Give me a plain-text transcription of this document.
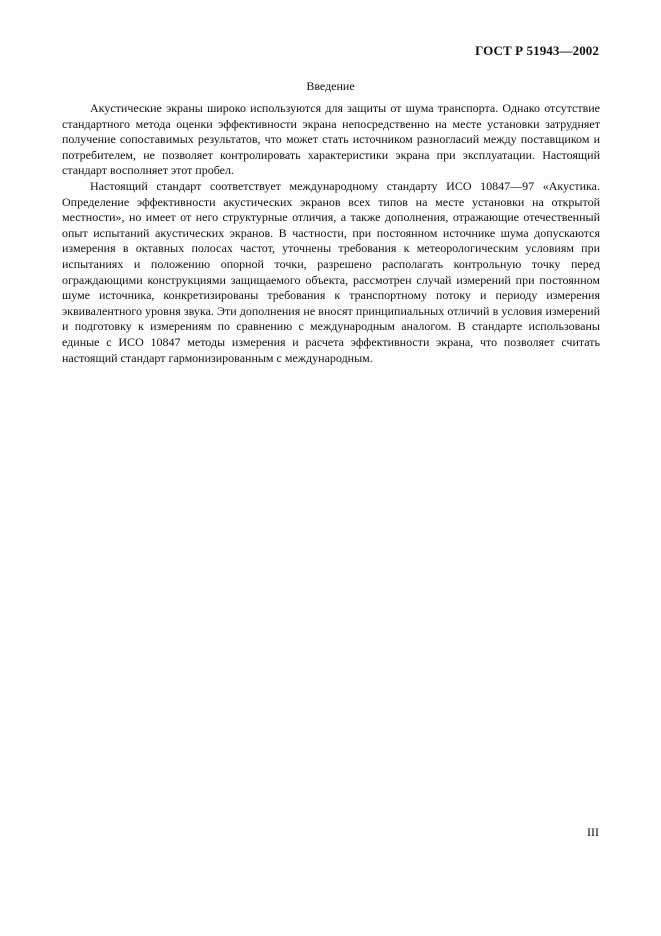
ГОСТ Р 51943—2002
Введение

Акустические экраны широко используются для защиты от шума транспорта. Однако отсутствие стандартного метода оценки эффективности экрана непосредственно на месте установки затрудняет получение сопоставимых результатов, что может стать источником разногласий между поставщиком и потребителем, не позволяет контролировать характеристики экрана при эксплуатации. Настоящий стандарт восполняет этот пробел.

Настоящий стандарт соответствует международному стандарту ИСО 10847—97 «Акустика. Определение эффективности акустических экранов всех типов на месте установки на открытой местности», но имеет от него структурные отличия, а также дополнения, отражающие отечественный опыт испытаний акустических экранов. В частности, при постоянном источнике шума допускаются измерения в октавных полосах частот, уточнены требования к метеорологическим условиям при испытаниях и положению опорной точки, разрешено располагать контрольную точку перед ограждающими конструкциями защищаемого объекта, рассмотрен случай измерений при постоянном шуме источника, конкретизированы требования к транспортному потоку и периоду измерения эквивалентного уровня звука. Эти дополнения не вносят принципиальных отличий в условия измерений и подготовку к измерениям по сравнению с международным аналогом. В стандарте использованы единые с ИСО 10847 методы измерения и расчета эффективности экрана, что позволяет считать настоящий стандарт гармонизированным с международным.

III
